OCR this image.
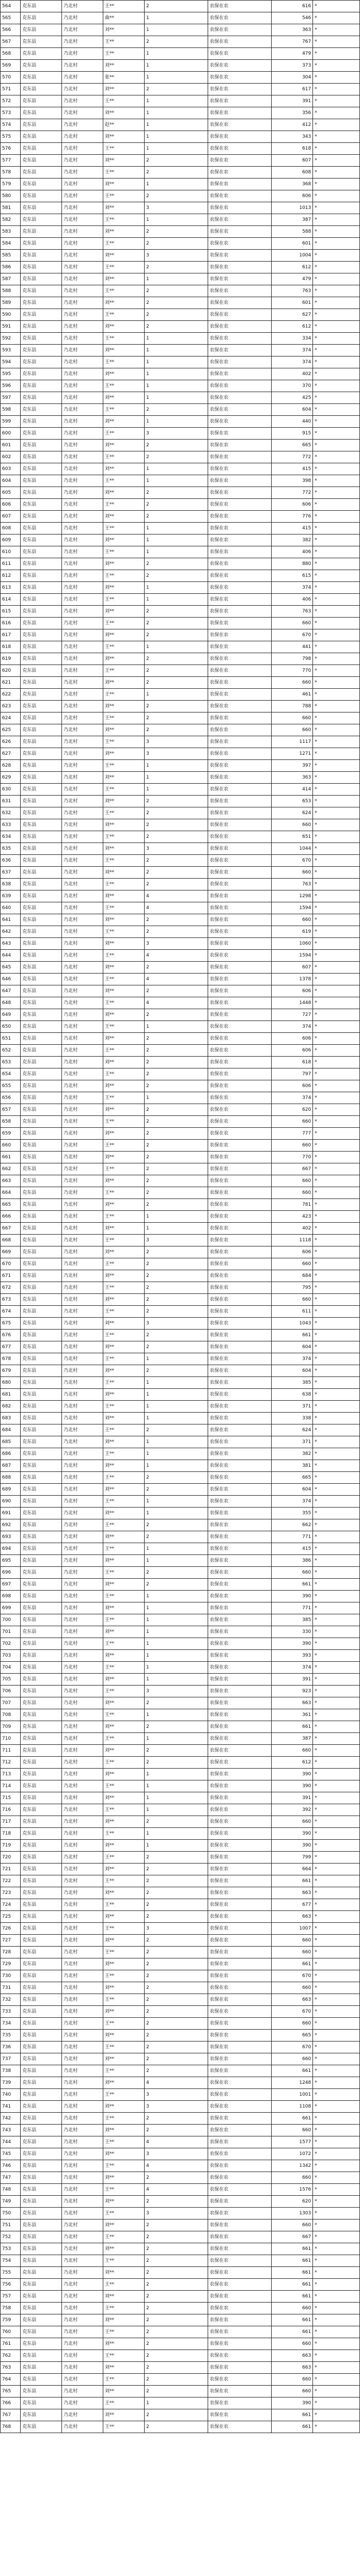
564	克东县	乃北村	王**	2	农保在农	616	*
565	克东县	乃北村	曲**	1	农保在农	546	*
566	克东县	乃北村	刘**	1	农保在农	363	*
567	克东县	乃北村	王**	2	农保在农	767	*
568	克东县	乃北村	王**	1	农保在农	479	*
569	克东县	乃北村	刘**	1	农保在农	373	*
570	克东县	乃北村	张**	1	农保在农	304	*
571	克东县	乃北村	刘**	2	农保在农	617	*
572	克东县	乃北村	王**	1	农保在农	391	*
573	克东县	乃北村	刘**	1	农保在农	356	*
574	克东县	乃北村	赵**	1	农保在农	412	*
575	克东县	乃北村	刘**	1	农保在农	343	*
576	克东县	乃北村	王**	1	农保在农	618	*
577	克东县	乃北村	刘**	2	农保在农	607	*
578	克东县	乃北村	王**	2	农保在农	608	*
579	克东县	乃北村	刘**	1	农保在农	368	*
580	克东县	乃北村	王**	2	农保在农	606	*
581	克东县	乃北村	刘**	3	农保在农	1013	*
582	克东县	乃北村	王**	1	农保在农	387	*
583	克东县	乃北村	刘**	2	农保在农	588	*
584	克东县	乃北村	王**	2	农保在农	601	*
585	克东县	乃北村	刘**	3	农保在农	1004	*
586	克东县	乃北村	王**	2	农保在农	612	*
587	克东县	乃北村	刘**	1	农保在农	479	*
588	克东县	乃北村	王**	2	农保在农	763	*
589	克东县	乃北村	刘**	2	农保在农	601	*
590	克东县	乃北村	王**	2	农保在农	627	*
591	克东县	乃北村	刘**	2	农保在农	612	*
592	克东县	乃北村	王**	1	农保在农	334	*
593	克东县	乃北村	刘**	1	农保在农	374	*
594	克东县	乃北村	王**	1	农保在农	374	*
595	克东县	乃北村	刘**	1	农保在农	402	*
596	克东县	乃北村	王**	1	农保在农	370	*
597	克东县	乃北村	刘**	1	农保在农	425	*
598	克东县	乃北村	王**	2	农保在农	604	*
599	克东县	乃北村	刘**	1	农保在农	440	*
600	克东县	乃北村	王**	3	农保在农	915	*
601	克东县	乃北村	刘**	2	农保在农	665	*
602	克东县	乃北村	王**	2	农保在农	772	*
603	克东县	乃北村	刘**	1	农保在农	415	*
604	克东县	乃北村	王**	1	农保在农	398	*
605	克东县	乃北村	刘**	2	农保在农	772	*
606	克东县	乃北村	王**	2	农保在农	606	*
607	克东县	乃北村	刘**	2	农保在农	776	*
608	克东县	乃北村	王**	1	农保在农	415	*
609	克东县	乃北村	刘**	1	农保在农	382	*
610	克东县	乃北村	王**	1	农保在农	406	*
611	克东县	乃北村	刘**	2	农保在农	880	*
612	克东县	乃北村	王**	2	农保在农	615	*
613	克东县	乃北村	刘**	1	农保在农	374	*
614	克东县	乃北村	王**	1	农保在农	406	*
615	克东县	乃北村	刘**	2	农保在农	763	*
616	克东县	乃北村	王**	2	农保在农	660	*
617	克东县	乃北村	刘**	2	农保在农	670	*
618	克东县	乃北村	王**	1	农保在农	441	*
619	克东县	乃北村	刘**	2	农保在农	798	*
620	克东县	乃北村	王**	2	农保在农	770	*
621	克东县	乃北村	刘**	2	农保在农	660	*
622	克东县	乃北村	王**	1	农保在农	461	*
623	克东县	乃北村	刘**	2	农保在农	788	*
624	克东县	乃北村	王**	2	农保在农	660	*
625	克东县	乃北村	刘**	2	农保在农	660	*
626	克东县	乃北村	王**	3	农保在农	1117	*
627	克东县	乃北村	刘**	3	农保在农	1271	*
628	克东县	乃北村	王**	1	农保在农	397	*
629	克东县	乃北村	刘**	1	农保在农	363	*
630	克东县	乃北村	王**	1	农保在农	414	*
631	克东县	乃北村	刘**	2	农保在农	653	*
632	克东县	乃北村	王**	2	农保在农	624	*
633	克东县	乃北村	刘**	2	农保在农	660	*
634	克东县	乃北村	王**	2	农保在农	651	*
635	克东县	乃北村	刘**	3	农保在农	1044	*
636	克东县	乃北村	王**	2	农保在农	670	*
637	克东县	乃北村	刘**	2	农保在农	660	*
638	克东县	乃北村	王**	2	农保在农	763	*
639	克东县	乃北村	刘**	4	农保在农	1298	*
640	克东县	乃北村	王**	4	农保在农	1594	*
641	克东县	乃北村	刘**	2	农保在农	660	*
642	克东县	乃北村	王**	2	农保在农	619	*
643	克东县	乃北村	刘**	3	农保在农	1060	*
644	克东县	乃北村	王**	4	农保在农	1594	*
645	克东县	乃北村	刘**	2	农保在农	607	*
646	克东县	乃北村	王**	4	农保在农	1378	*
647	克东县	乃北村	刘**	2	农保在农	606	*
648	克东县	乃北村	王**	4	农保在农	1448	*
649	克东县	乃北村	刘**	2	农保在农	727	*
650	克东县	乃北村	王**	1	农保在农	374	*
651	克东县	乃北村	刘**	2	农保在农	606	*
652	克东县	乃北村	王**	2	农保在农	606	*
653	克东县	乃北村	刘**	2	农保在农	618	*
654	克东县	乃北村	王**	2	农保在农	797	*
655	克东县	乃北村	刘**	2	农保在农	606	*
656	克东县	乃北村	王**	1	农保在农	374	*
657	克东县	乃北村	刘**	2	农保在农	620	*
658	克东县	乃北村	王**	2	农保在农	660	*
659	克东县	乃北村	刘**	2	农保在农	777	*
660	克东县	乃北村	王**	2	农保在农	660	*
661	克东县	乃北村	刘**	2	农保在农	770	*
662	克东县	乃北村	王**	2	农保在农	667	*
663	克东县	乃北村	刘**	2	农保在农	660	*
664	克东县	乃北村	王**	2	农保在农	660	*
665	克东县	乃北村	刘**	2	农保在农	781	*
666	克东县	乃北村	王**	1	农保在农	423	*
667	克东县	乃北村	刘**	1	农保在农	402	*
668	克东县	乃北村	王**	3	农保在农	1118	*
669	克东县	乃北村	刘**	2	农保在农	606	*
670	克东县	乃北村	王**	2	农保在农	660	*
671	克东县	乃北村	刘**	2	农保在农	684	*
672	克东县	乃北村	王**	2	农保在农	795	*
673	克东县	乃北村	刘**	2	农保在农	660	*
674	克东县	乃北村	王**	2	农保在农	611	*
675	克东县	乃北村	刘**	3	农保在农	1043	*
676	克东县	乃北村	王**	2	农保在农	661	*
677	克东县	乃北村	刘**	2	农保在农	604	*
678	克东县	乃北村	王**	1	农保在农	374	*
679	克东县	乃北村	刘**	2	农保在农	604	*
680	克东县	乃北村	王**	1	农保在农	385	*
681	克东县	乃北村	刘**	1	农保在农	638	*
682	克东县	乃北村	王**	1	农保在农	371	*
683	克东县	乃北村	刘**	1	农保在农	338	*
684	克东县	乃北村	王**	2	农保在农	624	*
685	克东县	乃北村	刘**	1	农保在农	371	*
686	克东县	乃北村	王**	1	农保在农	382	*
687	克东县	乃北村	刘**	1	农保在农	381	*
688	克东县	乃北村	王**	2	农保在农	665	*
689	克东县	乃北村	刘**	2	农保在农	604	*
690	克东县	乃北村	王**	1	农保在农	374	*
691	克东县	乃北村	刘**	1	农保在农	355	*
692	克东县	乃北村	王**	2	农保在农	662	*
693	克东县	乃北村	刘**	2	农保在农	771	*
694	克东县	乃北村	王**	1	农保在农	415	*
695	克东县	乃北村	刘**	1	农保在农	386	*
696	克东县	乃北村	王**	2	农保在农	660	*
697	克东县	乃北村	刘**	2	农保在农	661	*
698	克东县	乃北村	王**	1	农保在农	390	*
699	克东县	乃北村	刘**	1	农保在农	771	*
700	克东县	乃北村	王**	1	农保在农	385	*
701	克东县	乃北村	刘**	1	农保在农	330	*
702	克东县	乃北村	王**	1	农保在农	390	*
703	克东县	乃北村	刘**	1	农保在农	393	*
704	克东县	乃北村	王**	1	农保在农	374	*
705	克东县	乃北村	刘**	1	农保在农	391	*
706	克东县	乃北村	王**	3	农保在农	923	*
707	克东县	乃北村	刘**	2	农保在农	663	*
708	克东县	乃北村	王**	1	农保在农	361	*
709	克东县	乃北村	刘**	2	农保在农	661	*
710	克东县	乃北村	王**	1	农保在农	387	*
711	克东县	乃北村	刘**	2	农保在农	660	*
712	克东县	乃北村	王**	2	农保在农	612	*
713	克东县	乃北村	刘**	1	农保在农	390	*
714	克东县	乃北村	王**	1	农保在农	390	*
715	克东县	乃北村	刘**	1	农保在农	391	*
716	克东县	乃北村	王**	1	农保在农	392	*
717	克东县	乃北村	刘**	2	农保在农	660	*
718	克东县	乃北村	王**	1	农保在农	390	*
719	克东县	乃北村	刘**	1	农保在农	390	*
720	克东县	乃北村	王**	2	农保在农	799	*
721	克东县	乃北村	刘**	2	农保在农	664	*
722	克东县	乃北村	王**	2	农保在农	661	*
723	克东县	乃北村	刘**	2	农保在农	663	*
724	克东县	乃北村	王**	2	农保在农	677	*
725	克东县	乃北村	刘**	2	农保在农	663	*
726	克东县	乃北村	王**	3	农保在农	1007	*
727	克东县	乃北村	刘**	2	农保在农	660	*
728	克东县	乃北村	王**	2	农保在农	660	*
729	克东县	乃北村	刘**	2	农保在农	661	*
730	克东县	乃北村	王**	2	农保在农	670	*
731	克东县	乃北村	刘**	2	农保在农	660	*
732	克东县	乃北村	王**	2	农保在农	663	*
733	克东县	乃北村	刘**	2	农保在农	670	*
734	克东县	乃北村	王**	2	农保在农	660	*
735	克东县	乃北村	刘**	2	农保在农	665	*
736	克东县	乃北村	王**	2	农保在农	670	*
737	克东县	乃北村	刘**	2	农保在农	660	*
738	克东县	乃北村	王**	2	农保在农	661	*
739	克东县	乃北村	刘**	4	农保在农	1248	*
740	克东县	乃北村	王**	3	农保在农	1001	*
741	克东县	乃北村	刘**	3	农保在农	1108	*
742	克东县	乃北村	王**	2	农保在农	661	*
743	克东县	乃北村	刘**	2	农保在农	660	*
744	克东县	乃北村	王**	4	农保在农	1577	*
745	克东县	乃北村	刘**	3	农保在农	1072	*
746	克东县	乃北村	王**	4	农保在农	1342	*
747	克东县	乃北村	刘**	2	农保在农	660	*
748	克东县	乃北村	王**	4	农保在农	1576	*
749	克东县	乃北村	刘**	2	农保在农	620	*
750	克东县	乃北村	王**	3	农保在农	1303	*
751	克东县	乃北村	刘**	2	农保在农	660	*
752	克东县	乃北村	王**	2	农保在农	667	*
753	克东县	乃北村	刘**	2	农保在农	661	*
754	克东县	乃北村	王**	2	农保在农	661	*
755	克东县	乃北村	刘**	2	农保在农	661	*
756	克东县	乃北村	王**	2	农保在农	661	*
757	克东县	乃北村	刘**	2	农保在农	661	*
758	克东县	乃北村	王**	2	农保在农	660	*
759	克东县	乃北村	刘**	2	农保在农	661	*
760	克东县	乃北村	王**	2	农保在农	661	*
761	克东县	乃北村	刘**	2	农保在农	660	*
762	克东县	乃北村	王**	2	农保在农	663	*
763	克东县	乃北村	刘**	2	农保在农	663	*
764	克东县	乃北村	王**	2	农保在农	660	*
765	克东县	乃北村	刘**	2	农保在农	660	*
766	克东县	乃北村	王**	1	农保在农	390	*
767	克东县	乃北村	刘**	2	农保在农	661	*
768	克东县	乃北村	王**	2	农保在农	661	*
